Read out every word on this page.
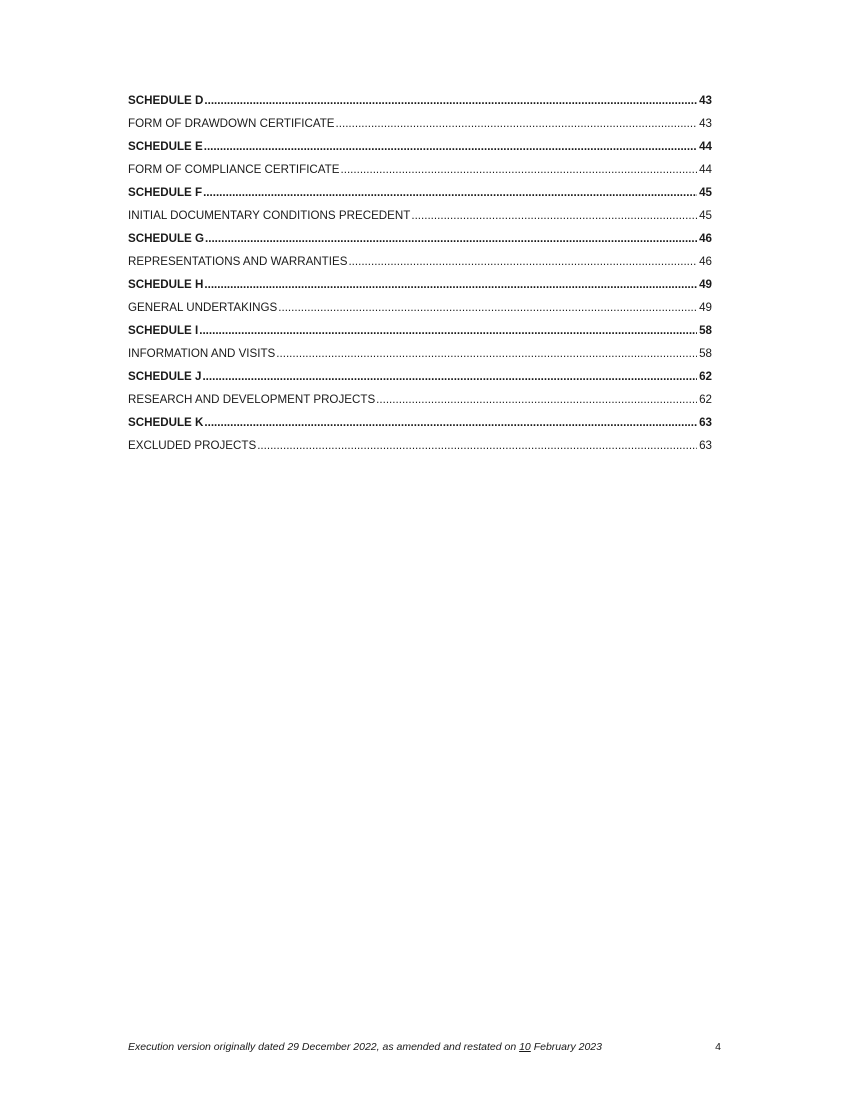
SCHEDULE D .....	43
FORM OF DRAWDOWN CERTIFICATE .....	43
SCHEDULE E .....	44
FORM OF COMPLIANCE CERTIFICATE .....	44
SCHEDULE F .....	45
INITIAL DOCUMENTARY CONDITIONS PRECEDENT .....	45
SCHEDULE G .....	46
REPRESENTATIONS AND WARRANTIES .....	46
SCHEDULE H .....	49
GENERAL UNDERTAKINGS .....	49
SCHEDULE I .....	58
INFORMATION AND VISITS .....	58
SCHEDULE J .....	62
RESEARCH AND DEVELOPMENT PROJECTS .....	62
SCHEDULE K .....	63
EXCLUDED PROJECTS .....	63
Execution version originally dated 29 December 2022, as amended and restated on 10 February 2023	4
